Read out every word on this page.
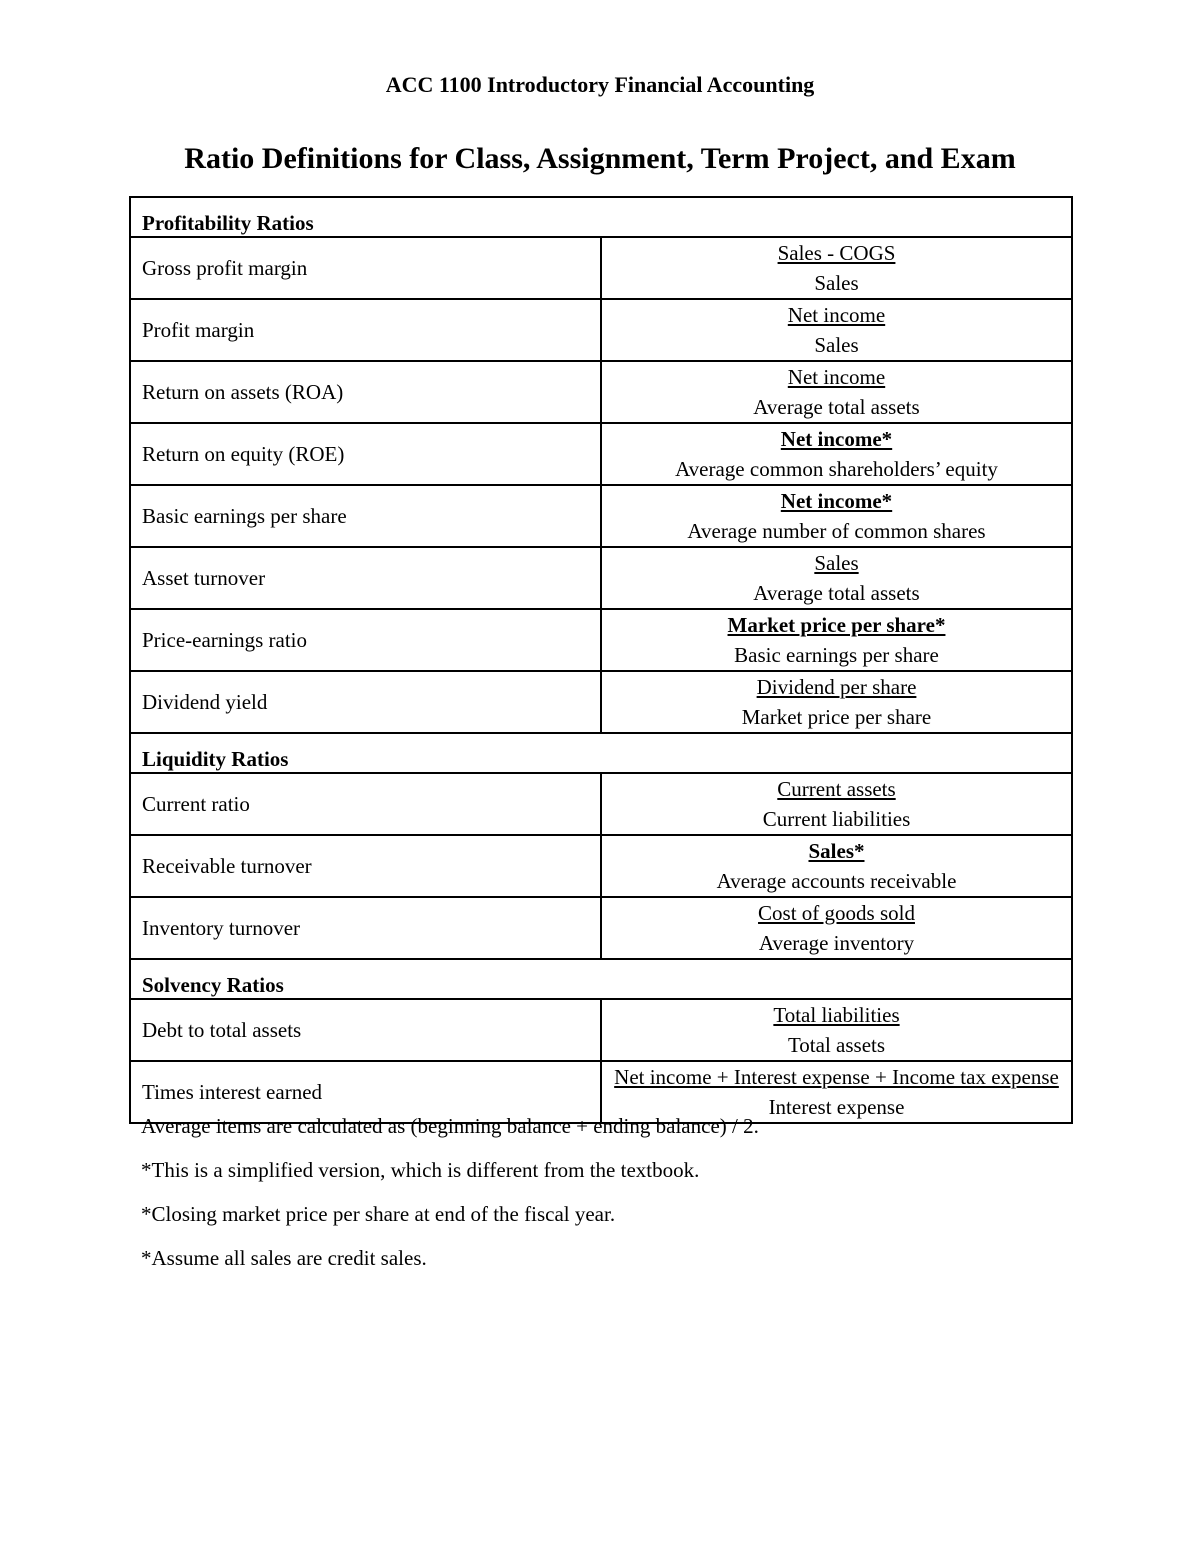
ACC 1100 Introductory Financial Accounting
Ratio Definitions for Class, Assignment, Term Project, and Exam
Profitability Ratios	
Gross profit margin	Sales - COGS
Sales

Profit margin	Net income
Sales

Return on assets (ROA)	Net income
Average total assets

Return on equity (ROE)	Net income*
Average common shareholders’ equity

Basic earnings per share	Net income*
Average number of common shares

Asset turnover	Sales
Average total assets

Price-earnings ratio	Market price per share*
Basic earnings per share

Dividend yield	Dividend per share
Market price per share

Liquidity Ratios	
Current ratio	Current assets
Current liabilities

Receivable turnover	Sales*
Average accounts receivable

Inventory turnover	Cost of goods sold
Average inventory

Solvency Ratios	
Debt to total assets	Total liabilities
Total assets

Times interest earned	Net income + Interest expense + Income tax expense
Interest expense

Average items are calculated as (beginning balance + ending balance) / 2.

*This is a simplified version, which is different from the textbook.

*Closing market price per share at end of the fiscal year.

*Assume all sales are credit sales.
